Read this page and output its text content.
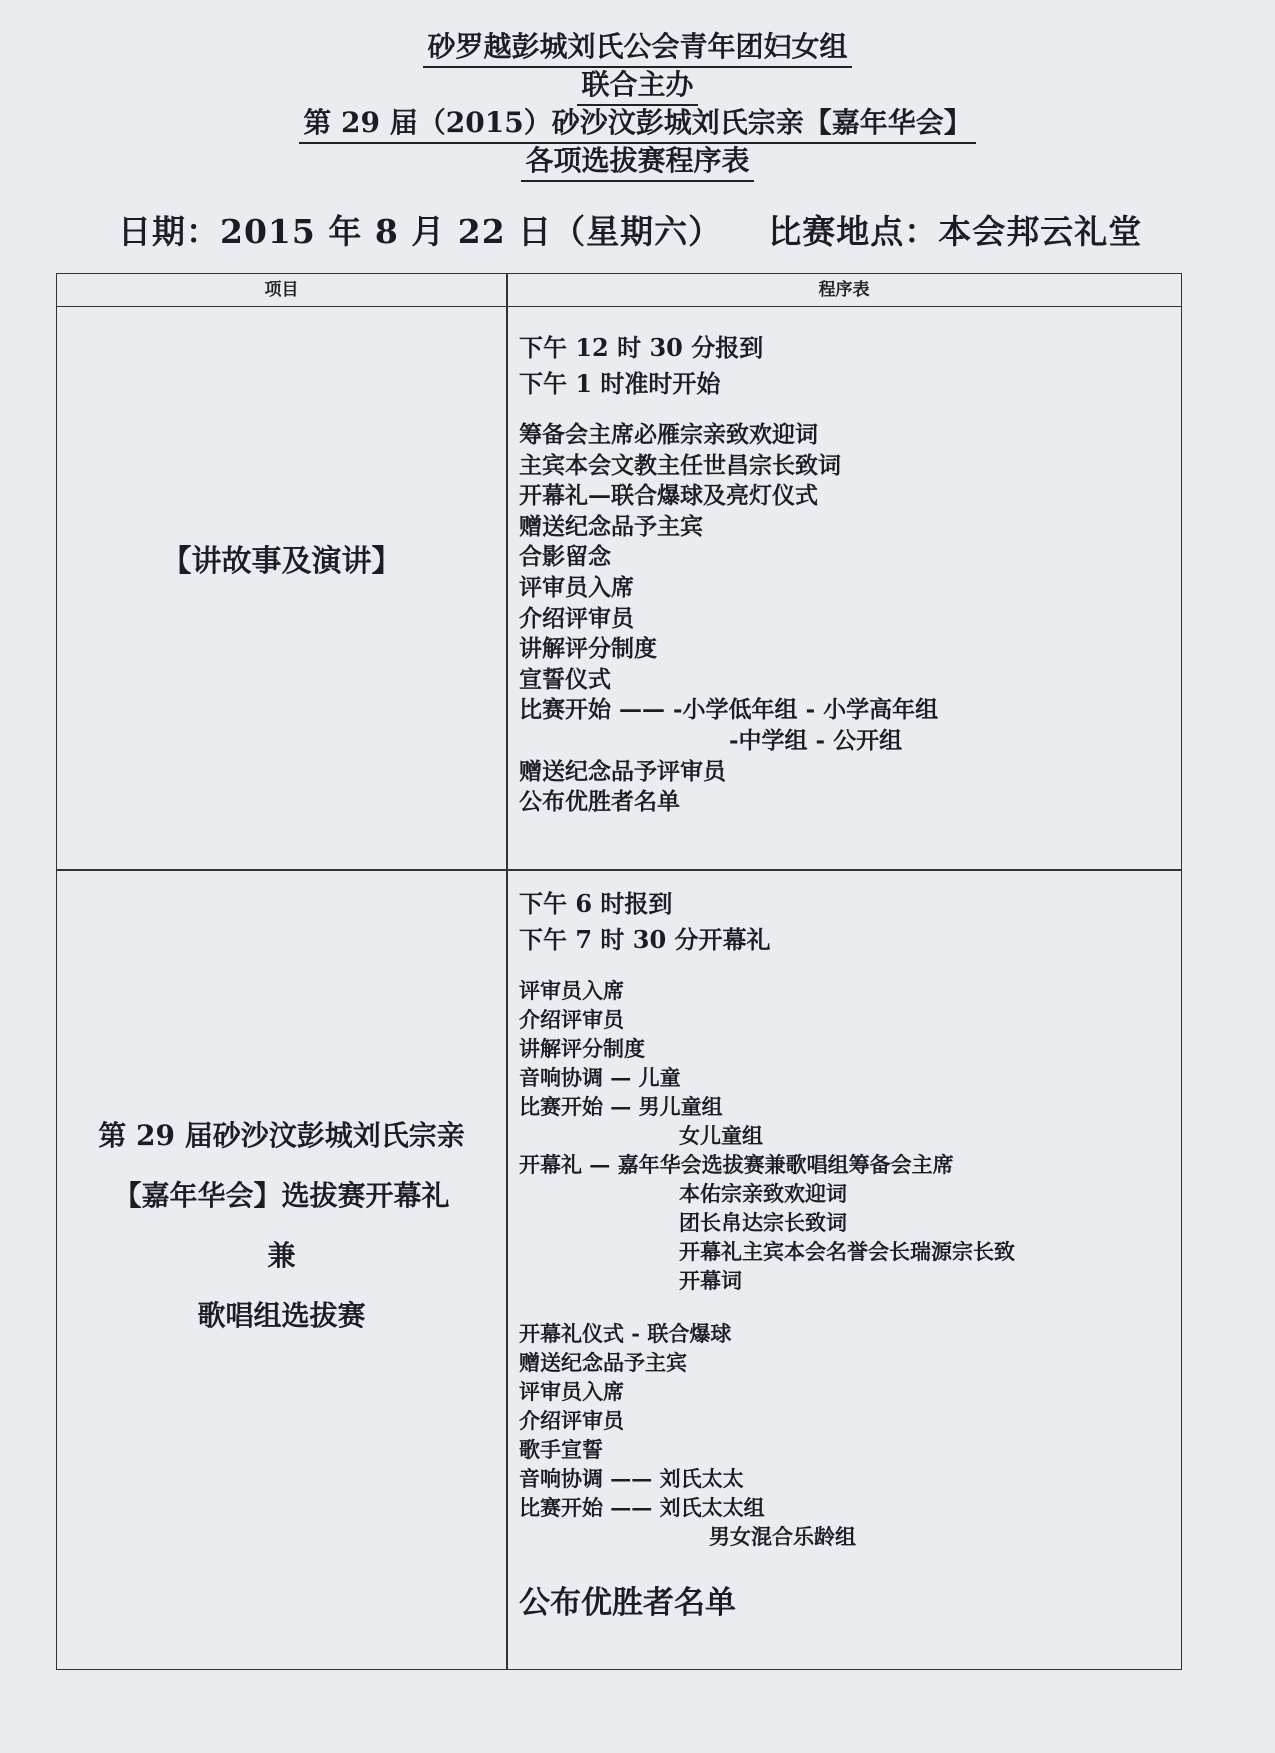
砂罗越彭城刘氏公会青年团妇女组
联合主办
第 29 届（2015）砂沙汶彭城刘氏宗亲【嘉年华会】
各项选拔赛程序表
日期：2015 年 8 月 22 日（星期六） 比赛地点：本会邦云礼堂
项目	程序表
【讲故事及演讲】
下午 12 时 30 分报到
下午 1 时准时开始
筹备会主席必雁宗亲致欢迎词
主宾本会文教主任世昌宗长致词
开幕礼—联合爆球及亮灯仪式
赠送纪念品予主宾
合影留念
评审员入席
介绍评审员
讲解评分制度
宣誓仪式
比赛开始 —— -小学低年组 - 小学高年组
-中学组 - 公开组
赠送纪念品予评审员
公布优胜者名单
第 29 届砂沙汶彭城刘氏宗亲
【嘉年华会】选拔赛开幕礼
兼
歌唱组选拔赛
下午 6 时报到
下午 7 时 30 分开幕礼
评审员入席
介绍评审员
讲解评分制度
音响协调 — 儿童
比赛开始 — 男儿童组
女儿童组
开幕礼 — 嘉年华会选拔赛兼歌唱组筹备会主席
本佑宗亲致欢迎词
团长帛达宗长致词
开幕礼主宾本会名誉会长瑞源宗长致
开幕词
开幕礼仪式 - 联合爆球
赠送纪念品予主宾
评审员入席
介绍评审员
歌手宣誓
音响协调 —— 刘氏太太
比赛开始 —— 刘氏太太组
男女混合乐龄组
公布优胜者名单
